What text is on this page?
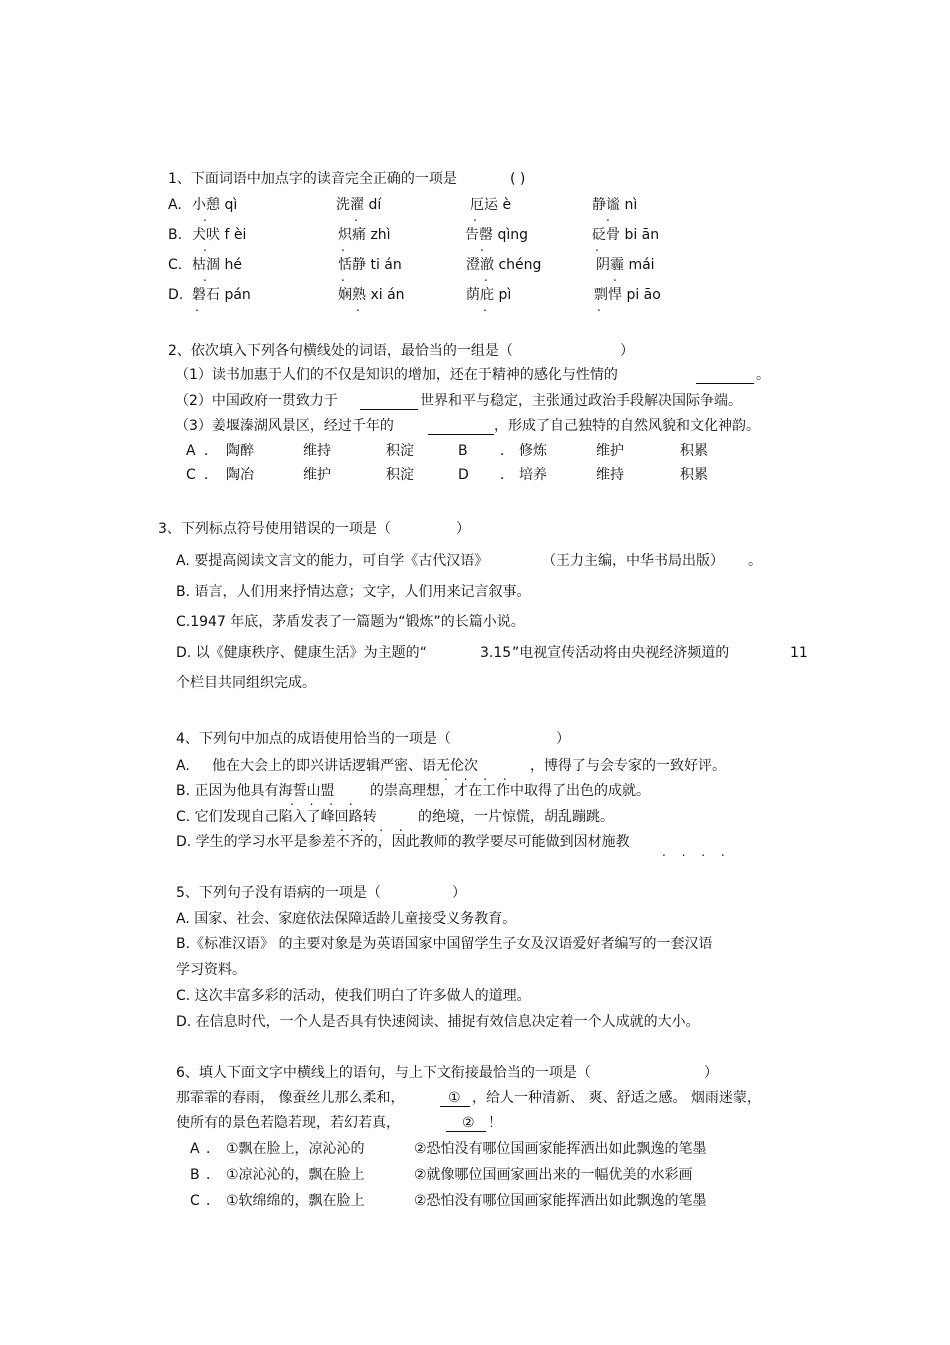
1、下面词语中加点字的读音完全正确的一项是	( )
A. 小憩 qì	洗濯 dí	厄运 è	静谧 nì
B. 犬吠 f èi	炽痛 zhì	告罄 qìng	砭骨 bi ān
C. 枯涸 hé	恬静 ti án	澄澈 chéng	阴霾 mái
D. 磐石 pán	娴熟 xi án	荫庇 pì	剽悍 pi āo
.	.	.	.
.	.	.	.
.	.	.	.
.	.	.	.
2、依次填入下列各句横线处的词语，最恰当的一组是（	）
（1）读书加惠于人们的不仅是知识的增加，还在于精神的感化与性情的	。
（2）中国政府一贯致力于	世界和平与稳定，主张通过政治手段解决国际争端。
（3）姜堰溱湖风景区，经过千年的	，形成了自己独特的自然风貌和文化神韵。
A ． 陶醉	维持	积淀	B ． 修炼	维护	积累
C ． 陶冶	维护	积淀	D ． 培养	维持	积累
3、下列标点符号使用错误的一项是（	）
A. 要提高阅读文言文的能力，可自学《古代汉语》	（王力主编，中华书局出版） 。
B. 语言，人们用来抒情达意；文字，人们用来记言叙事。
C.1947 年底，茅盾发表了一篇题为“锻炼”的长篇小说。
D. 以《健康秩序、健康生活》为主题的“	3.15 ”电视宣传活动将由央视经济频道的	11
个栏目共同组织完成。
4、下列句中加点的成语使用恰当的一项是（	）
A. 他在大会上的即兴讲话逻辑严密、语无伦次	，博得了与会专家的一致好评。
. . . .
B. 正因为他具有海誓山盟	的崇高理想，才在工作中取得了出色的成就。
. . . .
C. 它们发现自己陷入了峰回路转	的绝境，一片惊慌，胡乱蹦跳。
. . . .
D. 学生的学习水平是参差不齐的，因此教师的教学要尽可能做到因材施教
. . . .
5、下列句子没有语病的一项是（	）
A. 国家、社会、家庭依法保障适龄儿童接受义务教育。
B.《标准汉语》 的主要对象是为英语国家中国留学生子女及汉语爱好者编写的一套汉语
学习资料。
C. 这次丰富多彩的活动，使我们明白了许多做人的道理。
D. 在信息时代，一个人是否具有快速阅读、捕捉有效信息决定着一个人成就的大小。
6、填人下面文字中横线上的语句，与上下文衔接最恰当的一项是（	）
那霏霏的春雨， 像蚕丝儿那么柔和，	① ，给人一种清新、 爽、舒适之感。 烟雨迷蒙，
使所有的景色若隐若现，若幻若真，	② ！
A ． ①飘在脸上，凉沁沁的	②恐怕没有哪位国画家能挥洒出如此飘逸的笔墨
B ． ①凉沁沁的，飘在脸上	②就像哪位国画家画出来的一幅优美的水彩画
C ． ①软绵绵的，飘在脸上	②恐怕没有哪位国画家能挥洒出如此飘逸的笔墨
